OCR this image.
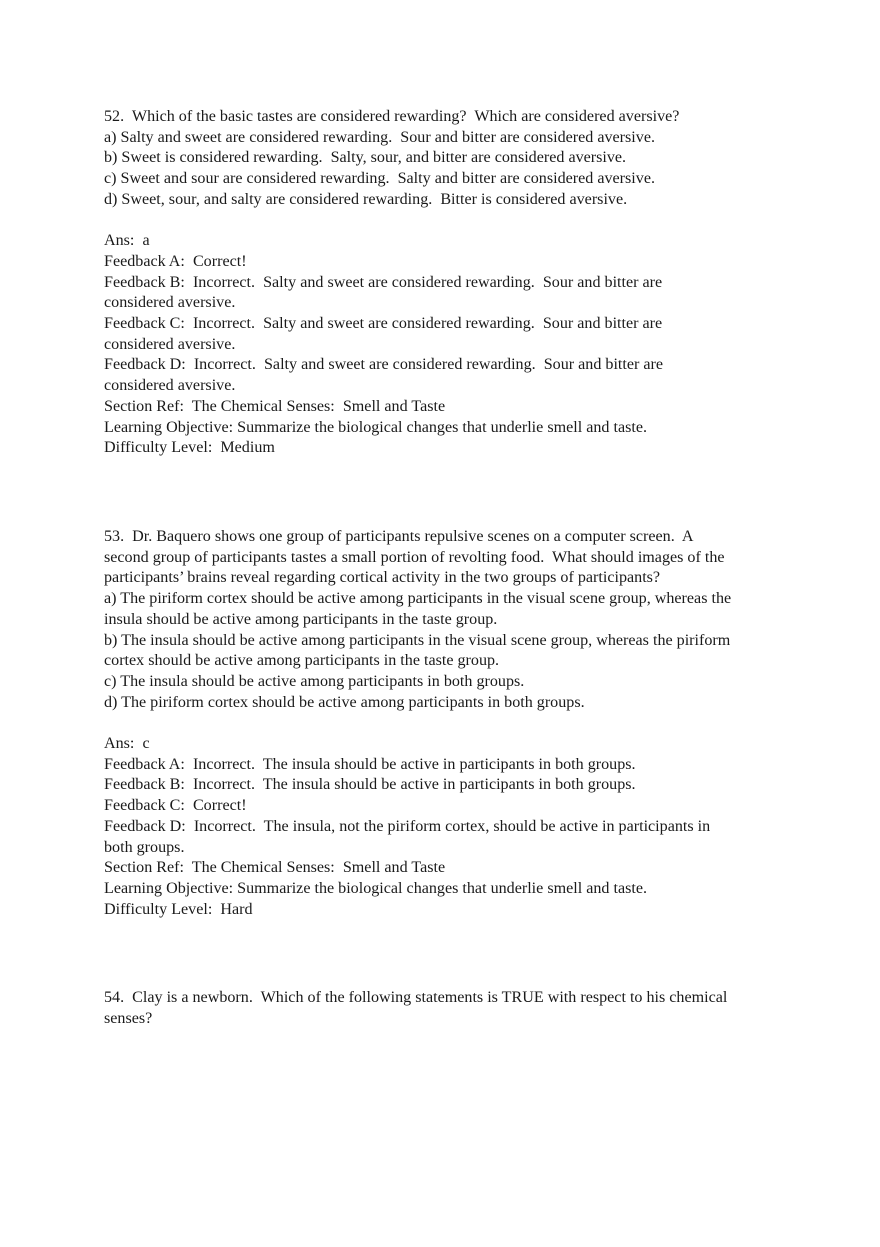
52.  Which of the basic tastes are considered rewarding?  Which are considered aversive?
a) Salty and sweet are considered rewarding.  Sour and bitter are considered aversive.
b) Sweet is considered rewarding.  Salty, sour, and bitter are considered aversive.
c) Sweet and sour are considered rewarding.  Salty and bitter are considered aversive.
d) Sweet, sour, and salty are considered rewarding.  Bitter is considered aversive.
Ans:  a
Feedback A:  Correct!
Feedback B:  Incorrect.  Salty and sweet are considered rewarding.  Sour and bitter are
considered aversive.
Feedback C:  Incorrect.  Salty and sweet are considered rewarding.  Sour and bitter are
considered aversive.
Feedback D:  Incorrect.  Salty and sweet are considered rewarding.  Sour and bitter are
considered aversive.
Section Ref:  The Chemical Senses:  Smell and Taste
Learning Objective: Summarize the biological changes that underlie smell and taste.
Difficulty Level:  Medium
53.  Dr. Baquero shows one group of participants repulsive scenes on a computer screen.  A
second group of participants tastes a small portion of revolting food.  What should images of the
participants’ brains reveal regarding cortical activity in the two groups of participants?
a) The piriform cortex should be active among participants in the visual scene group, whereas the
insula should be active among participants in the taste group.
b) The insula should be active among participants in the visual scene group, whereas the piriform
cortex should be active among participants in the taste group.
c) The insula should be active among participants in both groups.
d) The piriform cortex should be active among participants in both groups.
Ans:  c
Feedback A:  Incorrect.  The insula should be active in participants in both groups.
Feedback B:  Incorrect.  The insula should be active in participants in both groups.
Feedback C:  Correct!
Feedback D:  Incorrect.  The insula, not the piriform cortex, should be active in participants in
both groups.
Section Ref:  The Chemical Senses:  Smell and Taste
Learning Objective: Summarize the biological changes that underlie smell and taste.
Difficulty Level:  Hard
54.  Clay is a newborn.  Which of the following statements is TRUE with respect to his chemical
senses?
